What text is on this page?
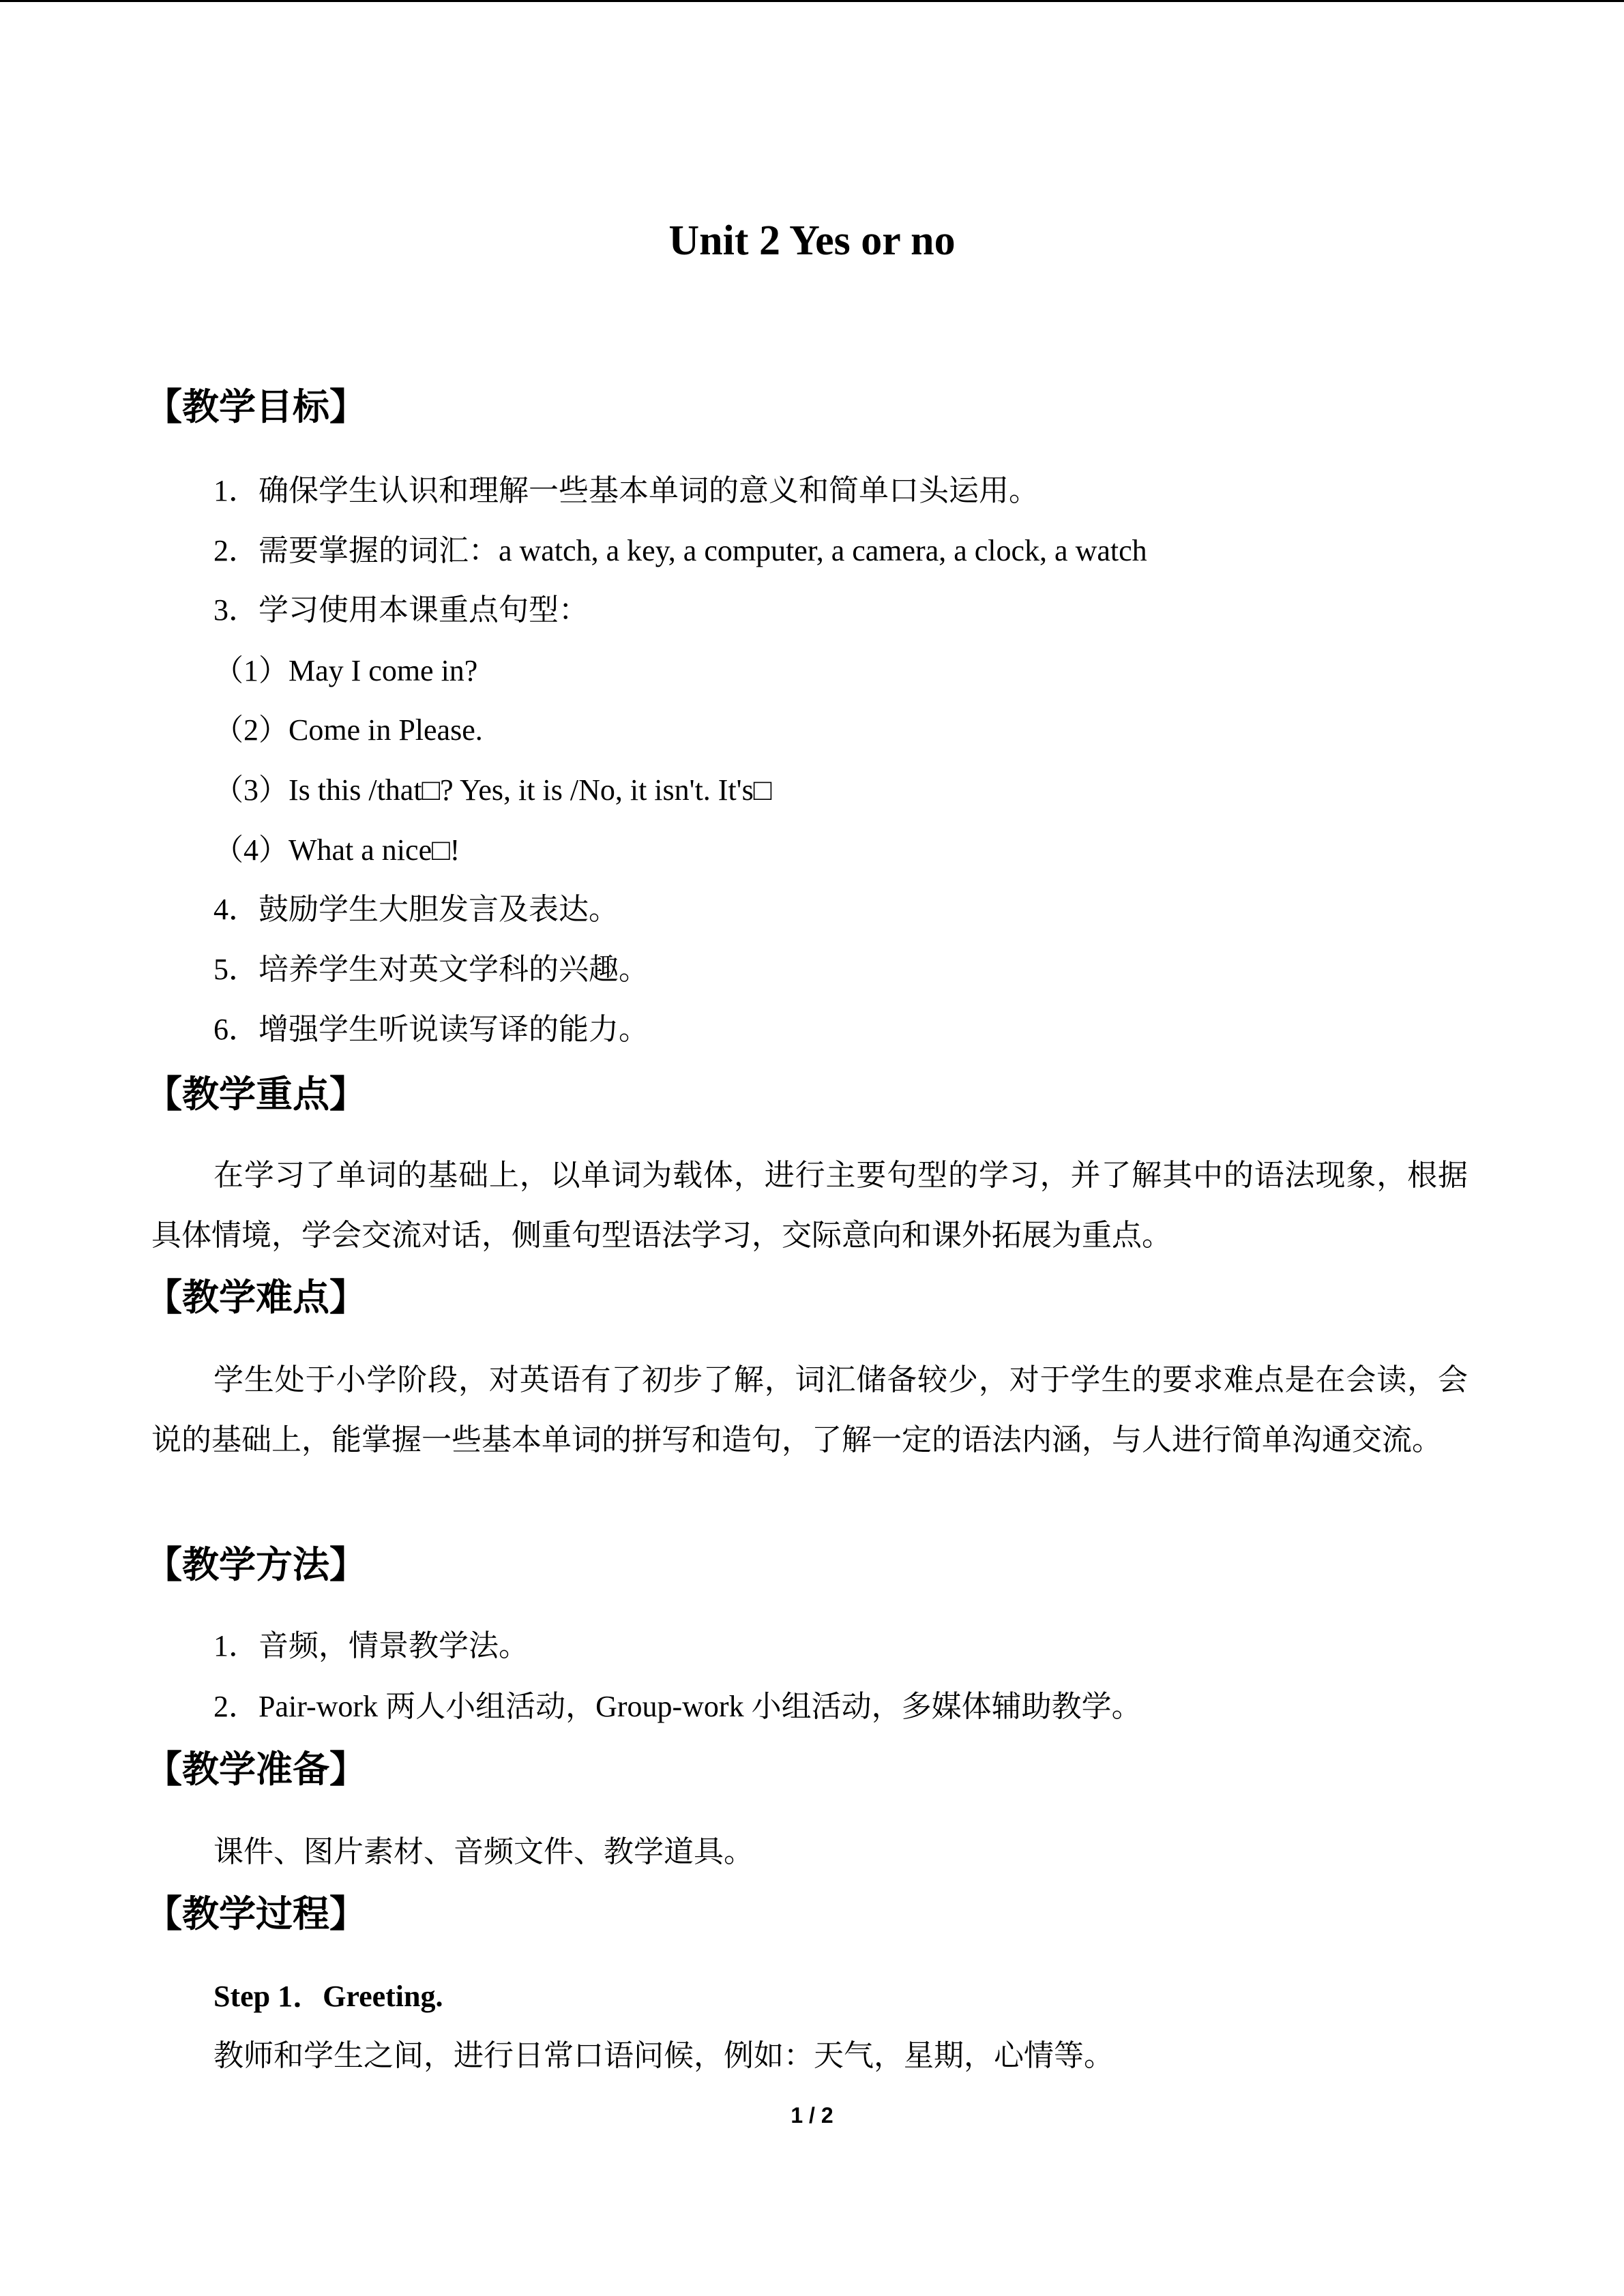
Unit 2 Yes or no
【教学目标】
1．确保学生认识和理解一些基本单词的意义和简单口头运用。
2．需要掌握的词汇：a watch, a key, a computer, a camera, a clock, a watch
3．学习使用本课重点句型：
（1）May I come in?
（2）Come in Please.
（3）Is this /that□? Yes, it is /No, it isn't. It's□
（4）What a nice□!
4．鼓励学生大胆发言及表达。
5．培养学生对英文学科的兴趣。
6．增强学生听说读写译的能力。
【教学重点】
在学习了单词的基础上，以单词为载体，进行主要句型的学习，并了解其中的语法现象，根据具体情境，学会交流对话，侧重句型语法学习，交际意向和课外拓展为重点。
【教学难点】
学生处于小学阶段，对英语有了初步了解，词汇储备较少，对于学生的要求难点是在会读，会说的基础上，能掌握一些基本单词的拼写和造句，了解一定的语法内涵，与人进行简单沟通交流。
【教学方法】
1．音频，情景教学法。
2．Pair-work 两人小组活动，Group-work 小组活动，多媒体辅助教学。
【教学准备】
课件、图片素材、音频文件、教学道具。
【教学过程】
Step 1．Greeting.
教师和学生之间，进行日常口语问候，例如：天气，星期，心情等。
1 / 2
